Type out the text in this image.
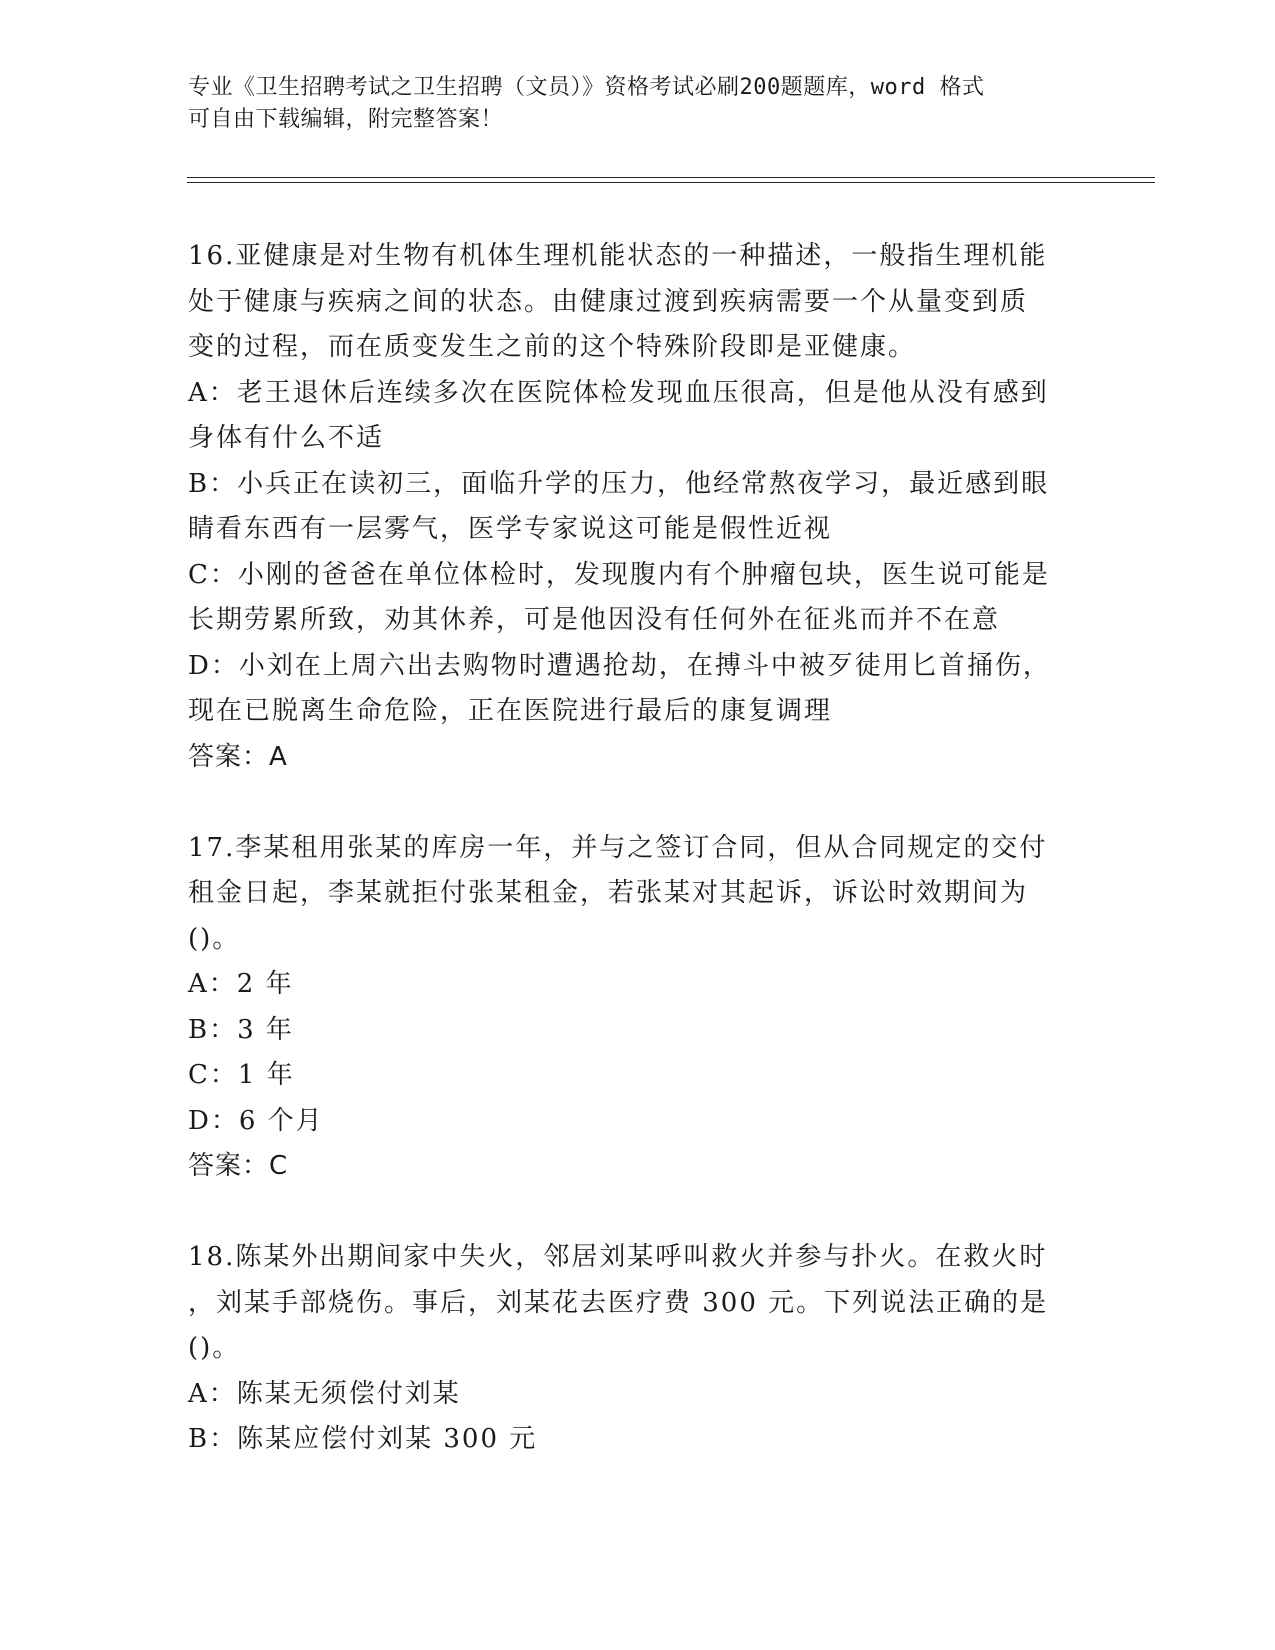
专业《卫生招聘考试之卫生招聘（文员）》资格考试必刷200题题库，word 格式
可自由下载编辑，附完整答案！
16.亚健康是对生物有机体生理机能状态的一种描述，一般指生理机能
处于健康与疾病之间的状态。由健康过渡到疾病需要一个从量变到质
变的过程，而在质变发生之前的这个特殊阶段即是亚健康。
A：老王退休后连续多次在医院体检发现血压很高，但是他从没有感到
身体有什么不适
B：小兵正在读初三，面临升学的压力，他经常熬夜学习，最近感到眼
睛看东西有一层雾气，医学专家说这可能是假性近视
C：小刚的爸爸在单位体检时，发现腹内有个肿瘤包块，医生说可能是
长期劳累所致，劝其休养，可是他因没有任何外在征兆而并不在意
D：小刘在上周六出去购物时遭遇抢劫，在搏斗中被歹徒用匕首捅伤，
现在已脱离生命危险，正在医院进行最后的康复调理
答案：A
17.李某租用张某的库房一年，并与之签订合同，但从合同规定的交付
租金日起，李某就拒付张某租金，若张某对其起诉，诉讼时效期间为
()。
A：2 年
B：3 年
C：1 年
D：6 个月
答案：C
18.陈某外出期间家中失火，邻居刘某呼叫救火并参与扑火。在救火时
，刘某手部烧伤。事后，刘某花去医疗费 300 元。下列说法正确的是
()。
A：陈某无须偿付刘某
B：陈某应偿付刘某 300 元
